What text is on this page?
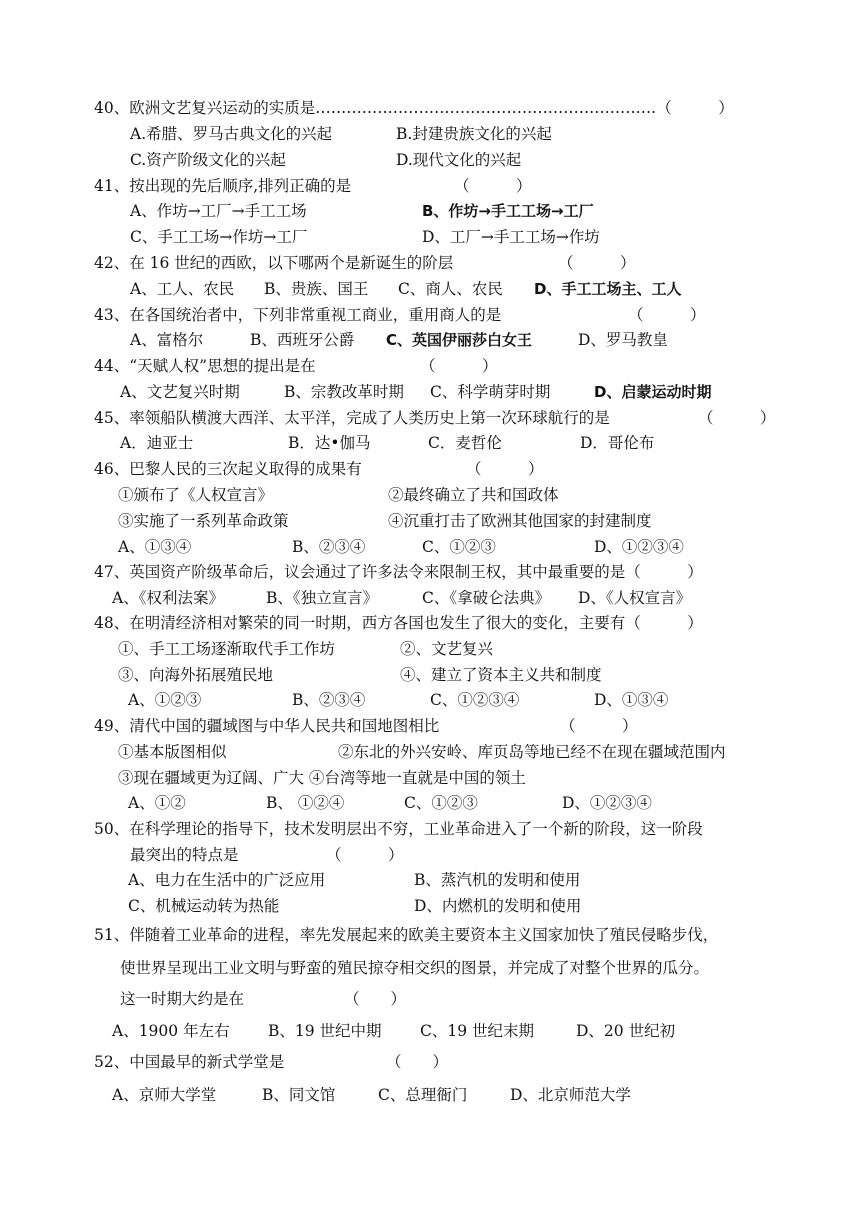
40、欧洲文艺复兴运动的实质是…………………………………………………………（　　　）
A.希腊、罗马古典文化的兴起	B.封建贵族文化的兴起
C.资产阶级文化的兴起	D.现代文化的兴起
41、按出现的先后顺序,排列正确的是	（　　　）
A、作坊→工厂→手工工场	B、作坊→手工工场→工厂
C、手工工场→作坊→工厂	D、工厂→手工工场→作坊
42、在 16 世纪的西欧，以下哪两个是新诞生的阶层	（　　　）
A、工人、农民 B、贵族、国王 C、商人、农民 D、手工工场主、工人
43、在各国统治者中，下列非常重视工商业，重用商人的是	（　　　）
A、富格尔	B、西班牙公爵 C、英国伊丽莎白女王	D、罗马教皇
44、“天赋人权”思想的提出是在	（　　　）
A、文艺复兴时期	B、宗教改革时期 C、科学萌芽时期	D、启蒙运动时期
45、率领船队横渡大西洋、太平洋，完成了人类历史上第一次环球航行的是	（　　　）
A．迪亚士	B．达•伽马	C．麦哲伦	D．哥伦布
46、巴黎人民的三次起义取得的成果有	（　　　）
①颁布了《人权宣言》	②最终确立了共和国政体
③实施了一系列革命政策	④沉重打击了欧洲其他国家的封建制度
A、①③④	B、②③④	C、①②③	D、①②③④
47、英国资产阶级革命后，议会通过了许多法令来限制王权，其中最重要的是（　　　）
A、《权利法案》	B、《独立宣言》	C、《拿破仑法典》 D、《人权宣言》
48、在明清经济相对繁荣的同一时期，西方各国也发生了很大的变化，主要有（　　　）
①、手工工场逐渐取代手工作坊	②、文艺复兴
③、向海外拓展殖民地	④、建立了资本主义共和制度
A、①②③	B、②③④	C、①②③④	D、①③④
49、清代中国的疆域图与中华人民共和国地图相比	（　　　）
①基本版图相似	②东北的外兴安岭、库页岛等地已经不在现在疆域范围内
③现在疆域更为辽阔、广大 ④台湾等地一直就是中国的领土
A、①②	B、 ①②④	C、①②③	D、①②③④
50、在科学理论的指导下，技术发明层出不穷，工业革命进入了一个新的阶段，这一阶段
最突出的特点是	（　　　）
A、电力在生活中的广泛应用	B、蒸汽机的发明和使用
C、机械运动转为热能	D、内燃机的发明和使用
51、伴随着工业革命的进程，率先发展起来的欧美主要资本主义国家加快了殖民侵略步伐，
使世界呈现出工业文明与野蛮的殖民掠夺相交织的图景，并完成了对整个世界的瓜分。
这一时期大约是在	（　　）
A、1900 年左右 B、19 世纪中期 C、19 世纪末期	D、20 世纪初
52、中国最早的新式学堂是	（　　）
A、京师大学堂	B、同文馆	C、总理衙门	D、北京师范大学
